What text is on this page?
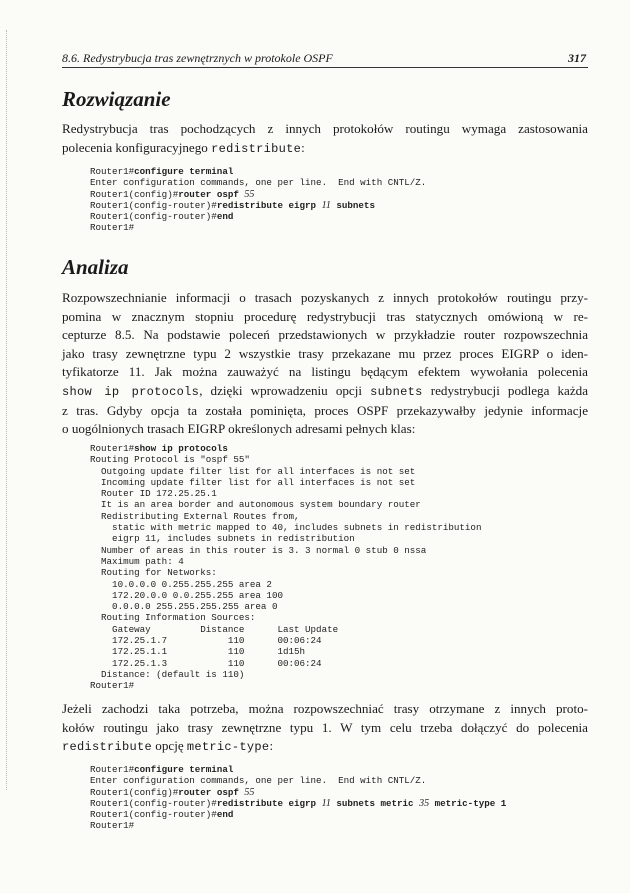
8.6. Redystrybucja tras zewnętrznych w protokole OSPF	317
Rozwiązanie
Redystrybucja tras pochodzących z innych protokołów routingu wymaga zastosowania
polecenia konfiguracyjnego redistribute:
Router1#configure terminal
Enter configuration commands, one per line.  End with CNTL/Z.
Router1(config)#router ospf 55
Router1(config-router)#redistribute eigrp 11 subnets
Router1(config-router)#end
Router1#
Analiza
Rozpowszechnianie informacji o trasach pozyskanych z innych protokołów routingu przy-
pomina w znacznym stopniu procedurę redystrybucji tras statycznych omówioną w re-
cepturze 8.5. Na podstawie poleceń przedstawionych w przykładzie router rozpowszechnia
jako trasy zewnętrzne typu 2 wszystkie trasy przekazane mu przez proces EIGRP o iden-
tyfikatorze 11. Jak można zauważyć na listingu będącym efektem wywołania polecenia
show ip protocols, dzięki wprowadzeniu opcji subnets redystrybucji podlega każda
z tras. Gdyby opcja ta została pominięta, proces OSPF przekazywałby jedynie informacje
o uogólnionych trasach EIGRP określonych adresami pełnych klas:
Router1#show ip protocols
Routing Protocol is "ospf 55"
Outgoing update filter list for all interfaces is not set
Incoming update filter list for all interfaces is not set
Router ID 172.25.25.1
It is an area border and autonomous system boundary router
Redistributing External Routes from,
static with metric mapped to 40, includes subnets in redistribution
eigrp 11, includes subnets in redistribution
Number of areas in this router is 3. 3 normal 0 stub 0 nssa
Maximum path: 4
Routing for Networks:
10.0.0.0 0.255.255.255 area 2
172.20.0.0 0.0.255.255 area 100
0.0.0.0 255.255.255.255 area 0
Routing Information Sources:
Gateway         Distance      Last Update
172.25.1.7           110      00:06:24
172.25.1.1           110      1d15h
172.25.1.3           110      00:06:24
Distance: (default is 110)
Router1#
Jeżeli zachodzi taka potrzeba, można rozpowszechniać trasy otrzymane z innych proto-
kołów routingu jako trasy zewnętrzne typu 1. W tym celu trzeba dołączyć do polecenia
redistribute opcję metric-type:
Router1#configure terminal
Enter configuration commands, one per line.  End with CNTL/Z.
Router1(config)#router ospf 55
Router1(config-router)#redistribute eigrp 11 subnets metric 35 metric-type 1
Router1(config-router)#end
Router1#
